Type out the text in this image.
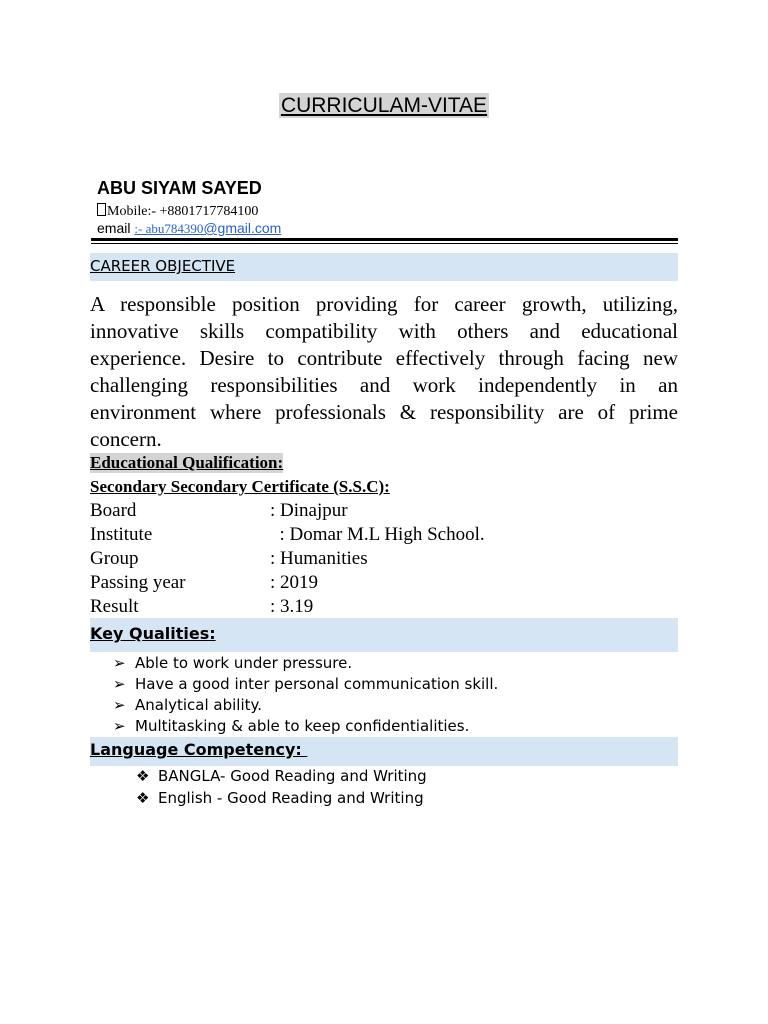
CURRICULAM-VITAE
ABU SIYAM SAYED
Mobile:- +8801717784100
email :- abu784390@gmail.com
CAREER OBJECTIVE
A responsible position providing for career growth, utilizing, innovative skills compatibility with others and educational experience. Desire to contribute effectively through facing new challenging responsibilities and work independently in an environment where professionals & responsibility are of prime concern.
Educational Qualification:
Secondary Secondary Certificate (S.S.C):
Board	: Dinajpur
Institute	: Domar M.L High School.
Group	: Humanities
Passing year	: 2019
Result	: 3.19
Key Qualities:
➢ Able to work under pressure.
➢ Have a good inter personal communication skill.
➢ Analytical ability.
➢ Multitasking & able to keep confidentialities.
Language Competency:
❖ BANGLA- Good Reading and Writing
❖ English - Good Reading and Writing
